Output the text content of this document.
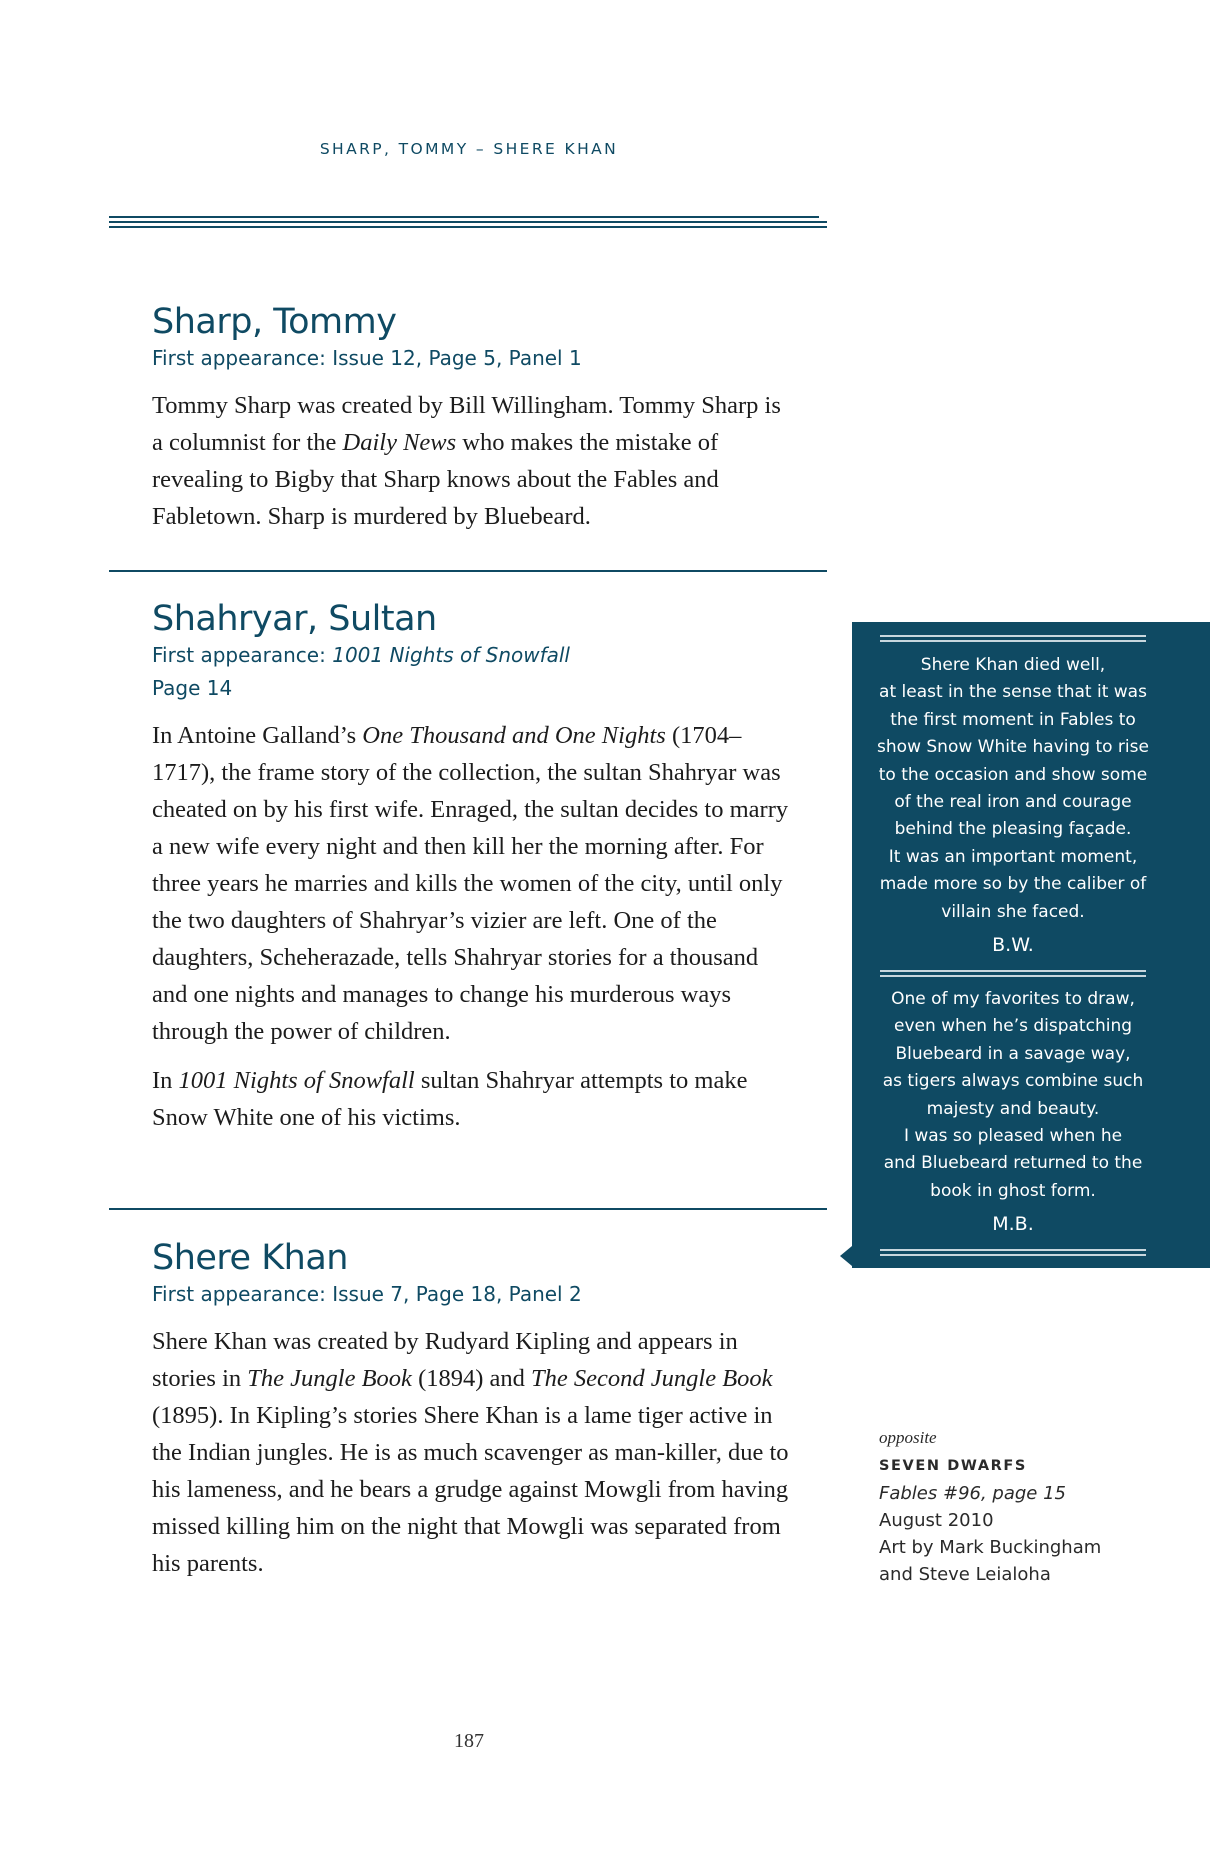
SHARP, TOMMY – SHERE KHAN
Sharp, Tommy

First appearance: Issue 12, Page 5, Panel 1

Tommy Sharp was created by Bill Willingham. Tommy Sharp is a columnist for the Daily News who makes the mistake of revealing to Bigby that Sharp knows about the Fables and Fabletown. Sharp is murdered by Bluebeard.

Shahryar, Sultan

First appearance: 1001 Nights of Snowfall

Page 14

In Antoine Galland’s One Thousand and One Nights (1704–1717), the frame story of the collection, the sultan Shahryar was cheated on by his first wife. Enraged, the sultan decides to marry a new wife every night and then kill her the morning after. For three years he marries and kills the women of the city, until only the two daughters of Shahryar’s vizier are left. One of the daughters, Scheherazade, tells Shahryar stories for a thousand and one nights and manages to change his murderous ways through the power of children.

In 1001 Nights of Snowfall sultan Shahryar attempts to make Snow White one of his victims.

Shere Khan

First appearance: Issue 7, Page 18, Panel 2

Shere Khan was created by Rudyard Kipling and appears in stories in The Jungle Book (1894) and The Second Jungle Book (1895). In Kipling’s stories Shere Khan is a lame tiger active in the Indian jungles. He is as much scavenger as man-killer, due to his lameness, and he bears a grudge against Mowgli from having missed killing him on the night that Mowgli was separated from his parents.

Shere Khan died well,

at least in the sense that it was

the first moment in Fables to

show Snow White having to rise

to the occasion and show some

of the real iron and courage

behind the pleasing façade.

It was an important moment,

made more so by the caliber of

villain she faced.

B.W.

One of my favorites to draw,

even when he’s dispatching

Bluebeard in a savage way,

as tigers always combine such

majesty and beauty.

I was so pleased when he

and Bluebeard returned to the

book in ghost form.

M.B.

opposite
SEVEN DWARFS
Fables #96, page 15
August 2010
Art by Mark Buckingham
and Steve Leialoha
187
